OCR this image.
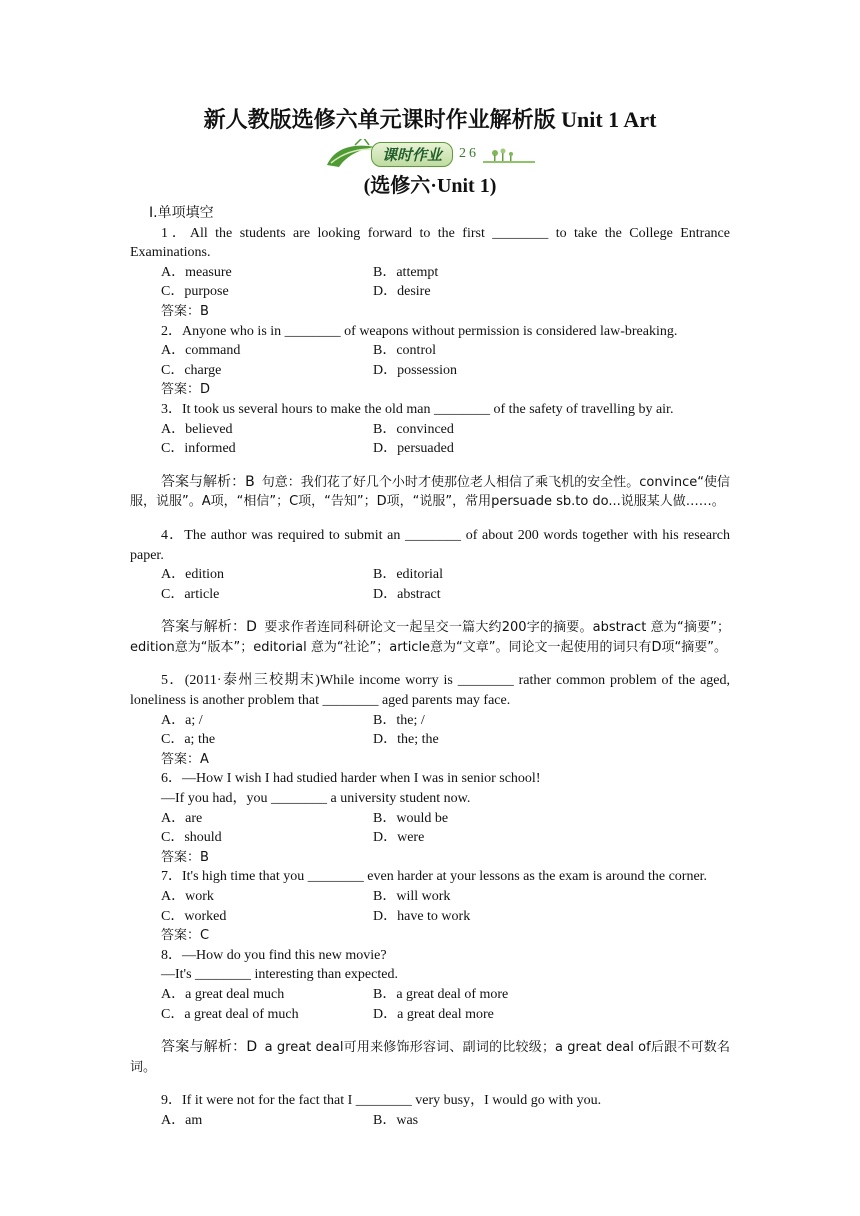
新人教版选修六单元课时作业解析版 Unit 1 Art
课时作业	26
(选修六·Unit 1)
Ⅰ.单项填空

1．All the students are looking forward to the first ________ to take the College Entrance Examinations.

A．measure	B．attempt
C．purpose	D．desire

答案：B

2．Anyone who is in ________ of weapons without permission is considered law-breaking.

A．command	B．control
C．charge	D．possession

答案：D

3．It took us several hours to make the old man ________ of the safety of travelling by air.

A．believed	B．convinced
C．informed	D．persuaded

答案与解析：B 句意：我们花了好几个小时才使那位老人相信了乘飞机的安全性。convince“使信服，说服”。A项，“相信”；C项，“告知”；D项，“说服”，常用persuade sb.to do...说服某人做……。

4．The author was required to submit an ________ of about 200 words together with his research paper.

A．edition	B．editorial
C．article	D．abstract

答案与解析：D 要求作者连同科研论文一起呈交一篇大约200字的摘要。abstract 意为“摘要”；edition意为“版本”；editorial 意为“社论”；article意为“文章”。同论文一起使用的词只有D项“摘要”。

5．(2011·泰州三校期末)While income worry is ________ rather common problem of the aged, loneliness is another problem that ________ aged parents may face.

A．a; /	B．the; /
C．a; the	D．the; the

答案：A

6．—How I wish I had studied harder when I was in senior school!

—If you had，you ________ a university student now.

A．are	B．would be
C．should	D．were

答案：B

7．It's high time that you ________ even harder at your lessons as the exam is around the corner.

A．work	B．will work
C．worked	D．have to work

答案：C

8．—How do you find this new movie?

—It's ________ interesting than expected.

A．a great deal much	B．a great deal of more
C．a great deal of much	D．a great deal more

答案与解析：D a great deal可用来修饰形容词、副词的比较级；a great deal of后跟不可数名词。

9．If it were not for the fact that I ________ very busy，I would go with you.

A．am	B．was
